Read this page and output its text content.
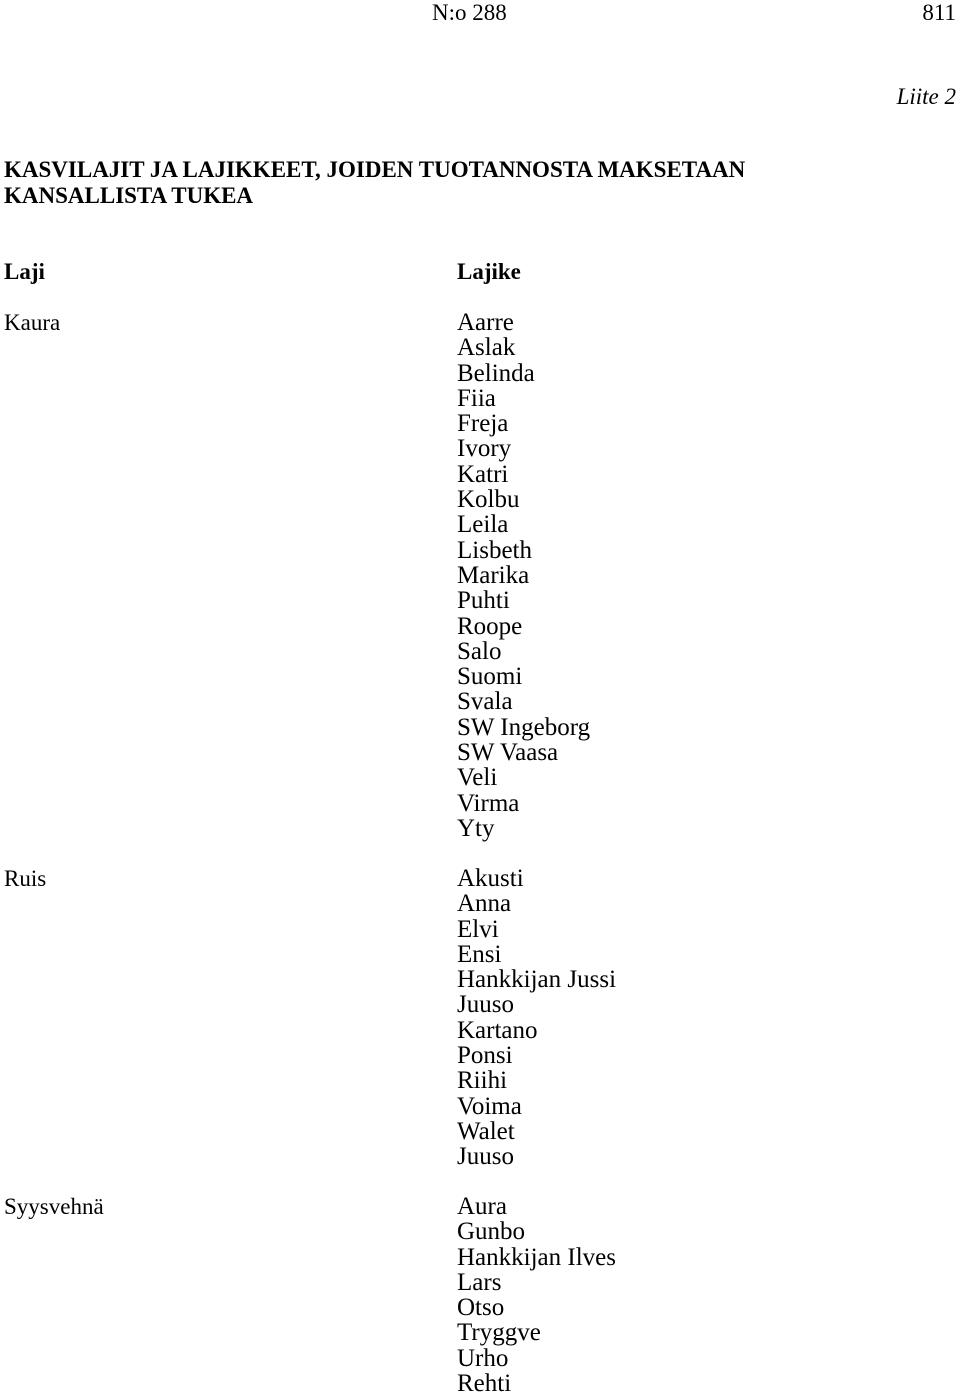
N:o 288	811
Liite 2
KASVILAJIT JA LAJIKKEET, JOIDEN TUOTANNOSTA MAKSETAAN
KANSALLISTA TUKEA
Laji	Lajike
Kaura	Aarre
Aslak
Belinda
Fiia
Freja
Ivory
Katri
Kolbu
Leila
Lisbeth
Marika
Puhti
Roope
Salo
Suomi
Svala
SW Ingeborg
SW Vaasa
Veli
Virma
Yty
Ruis	Akusti
Anna
Elvi
Ensi
Hankkijan Jussi
Juuso
Kartano
Ponsi
Riihi
Voima
Walet
Juuso
Syysvehnä	Aura
Gunbo
Hankkijan Ilves
Lars
Otso
Tryggve
Urho
Rehti
